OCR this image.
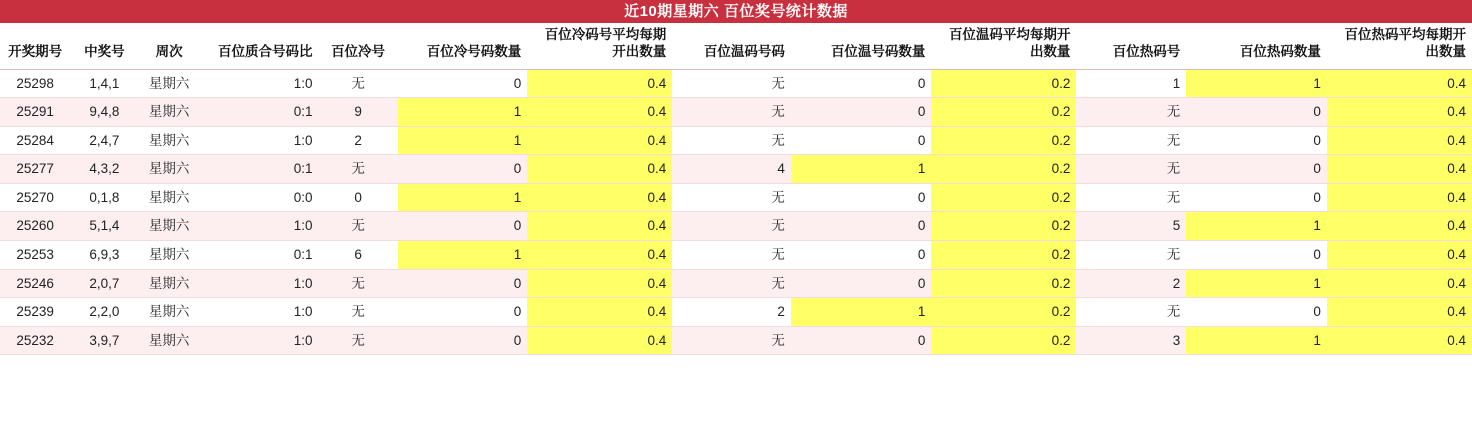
近10期星期六 百位奖号统计数据
开奖期号	中奖号	周次	百位质合号码比	百位冷号	百位冷号码数量	百位冷码号平均每期开出数量	百位温码号码	百位温号码数量	百位温码平均每期开出数量	百位热码号	百位热码数量	百位热码平均每期开出数量
25298	1,4,1	星期六	1:0	无	0	0.4	无	0	0.2	1	1	0.4
25291	9,4,8	星期六	0:1	9	1	0.4	无	0	0.2	无	0	0.4
25284	2,4,7	星期六	1:0	2	1	0.4	无	0	0.2	无	0	0.4
25277	4,3,2	星期六	0:1	无	0	0.4	4	1	0.2	无	0	0.4
25270	0,1,8	星期六	0:0	0	1	0.4	无	0	0.2	无	0	0.4
25260	5,1,4	星期六	1:0	无	0	0.4	无	0	0.2	5	1	0.4
25253	6,9,3	星期六	0:1	6	1	0.4	无	0	0.2	无	0	0.4
25246	2,0,7	星期六	1:0	无	0	0.4	无	0	0.2	2	1	0.4
25239	2,2,0	星期六	1:0	无	0	0.4	2	1	0.2	无	0	0.4
25232	3,9,7	星期六	1:0	无	0	0.4	无	0	0.2	3	1	0.4
